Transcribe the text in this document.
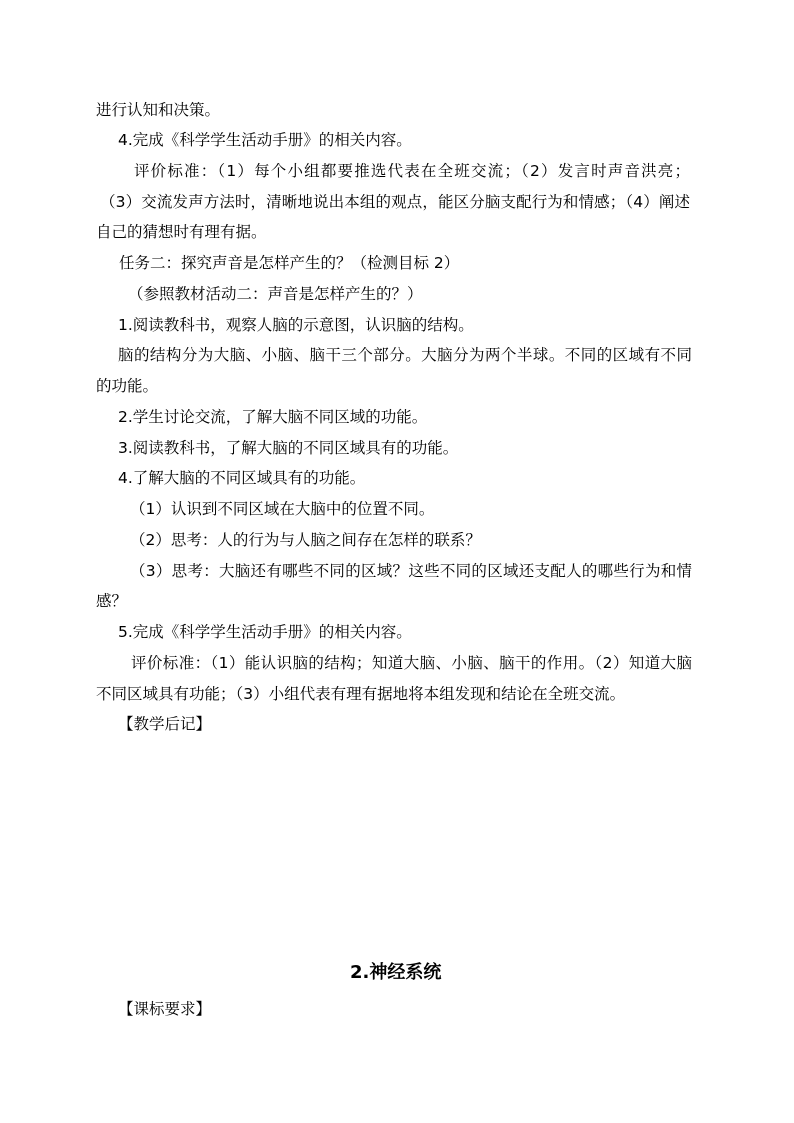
进行认知和决策。
4.完成《科学学生活动手册》的相关内容。
评价标准：（1）每个小组都要推选代表在全班交流；（2）发言时声音洪亮；
（3）交流发声方法时，清晰地说出本组的观点，能区分脑支配行为和情感；（4）阐述
自己的猜想时有理有据。
任务二：探究声音是怎样产生的？（检测目标 2）
（参照教材活动二：声音是怎样产生的？）
1.阅读教科书，观察人脑的示意图，认识脑的结构。
脑的结构分为大脑、小脑、脑干三个部分。大脑分为两个半球。不同的区域有不同
的功能。
2.学生讨论交流，了解大脑不同区域的功能。
3.阅读教科书，了解大脑的不同区域具有的功能。
4.了解大脑的不同区域具有的功能。
（1）认识到不同区域在大脑中的位置不同。
（2）思考：人的行为与人脑之间存在怎样的联系？
（3）思考：大脑还有哪些不同的区域？这些不同的区域还支配人的哪些行为和情
感？
5.完成《科学学生活动手册》的相关内容。
评价标准：（1）能认识脑的结构；知道大脑、小脑、脑干的作用。（2）知道大脑
不同区域具有功能；（3）小组代表有理有据地将本组发现和结论在全班交流。
【教学后记】
2.神经系统
【课标要求】
